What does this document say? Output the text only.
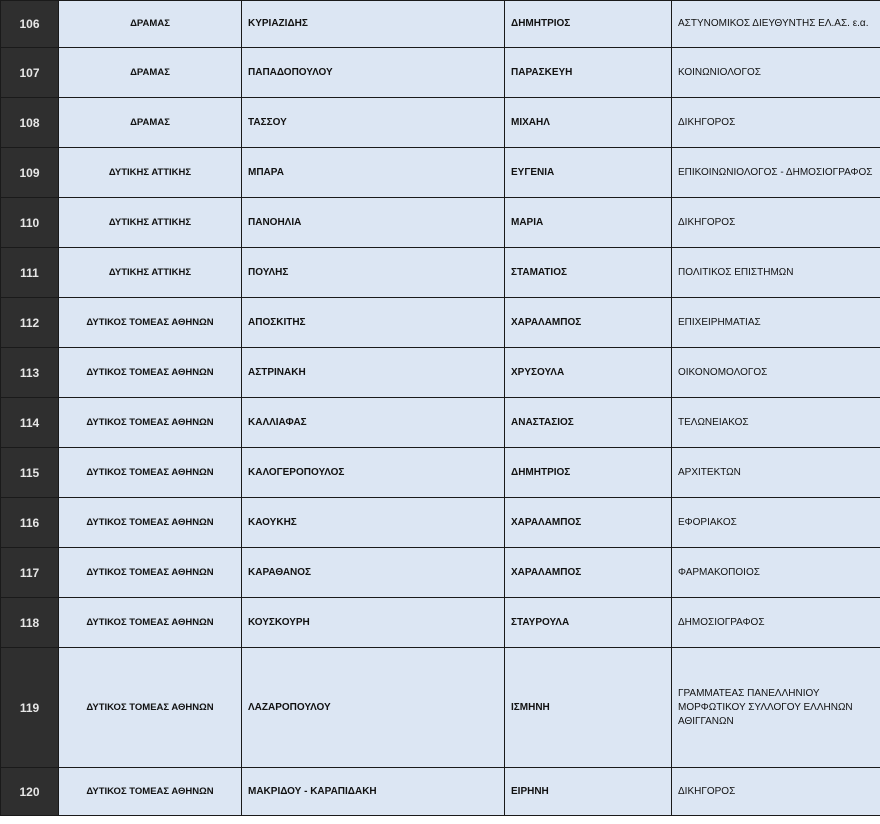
106	ΔΡΑΜΑΣ	ΚΥΡΙΑΖΙΔΗΣ	ΔΗΜΗΤΡΙΟΣ	ΑΣΤΥΝΟΜΙΚΟΣ ΔΙΕΥΘΥΝΤΗΣ ΕΛ.ΑΣ. ε.α.
107	ΔΡΑΜΑΣ	ΠΑΠΑΔΟΠΟΥΛΟΥ	ΠΑΡΑΣΚΕΥΗ	ΚΟΙΝΩΝΙΟΛΟΓΟΣ
108	ΔΡΑΜΑΣ	ΤΑΣΣΟΥ	ΜΙΧΑΗΛ	ΔΙΚΗΓΟΡΟΣ
109	ΔΥΤΙΚΗΣ ΑΤΤΙΚΗΣ	ΜΠΑΡΑ	ΕΥΓΕΝΙΑ	ΕΠΙΚΟΙΝΩΝΙΟΛΟΓΟΣ - ΔΗΜΟΣΙΟΓΡΑΦΟΣ
110	ΔΥΤΙΚΗΣ ΑΤΤΙΚΗΣ	ΠΑΝΟΗΛΙΑ	ΜΑΡΙΑ	ΔΙΚΗΓΟΡΟΣ
111	ΔΥΤΙΚΗΣ ΑΤΤΙΚΗΣ	ΠΟΥΛΗΣ	ΣΤΑΜΑΤΙΟΣ	ΠΟΛΙΤΙΚΟΣ ΕΠΙΣΤΗΜΩΝ
112	ΔΥΤΙΚΟΣ ΤΟΜΕΑΣ ΑΘΗΝΩΝ	ΑΠΟΣΚΙΤΗΣ	ΧΑΡΑΛΑΜΠΟΣ	ΕΠΙΧΕΙΡΗΜΑΤΙΑΣ
113	ΔΥΤΙΚΟΣ ΤΟΜΕΑΣ ΑΘΗΝΩΝ	ΑΣΤΡΙΝΑΚΗ	ΧΡΥΣΟΥΛΑ	ΟΙΚΟΝΟΜΟΛΟΓΟΣ
114	ΔΥΤΙΚΟΣ ΤΟΜΕΑΣ ΑΘΗΝΩΝ	ΚΑΛΛΙΑΦΑΣ	ΑΝΑΣΤΑΣΙΟΣ	ΤΕΛΩΝΕΙΑΚΟΣ
115	ΔΥΤΙΚΟΣ ΤΟΜΕΑΣ ΑΘΗΝΩΝ	ΚΑΛΟΓΕΡΟΠΟΥΛΟΣ	ΔΗΜΗΤΡΙΟΣ	ΑΡΧΙΤΕΚΤΩΝ
116	ΔΥΤΙΚΟΣ ΤΟΜΕΑΣ ΑΘΗΝΩΝ	ΚΑΟΥΚΗΣ	ΧΑΡΑΛΑΜΠΟΣ	ΕΦΟΡΙΑΚΟΣ
117	ΔΥΤΙΚΟΣ ΤΟΜΕΑΣ ΑΘΗΝΩΝ	ΚΑΡΑΘΑΝΟΣ	ΧΑΡΑΛΑΜΠΟΣ	ΦΑΡΜΑΚΟΠΟΙΟΣ
118	ΔΥΤΙΚΟΣ ΤΟΜΕΑΣ ΑΘΗΝΩΝ	ΚΟΥΣΚΟΥΡΗ	ΣΤΑΥΡΟΥΛΑ	ΔΗΜΟΣΙΟΓΡΑΦΟΣ
119	ΔΥΤΙΚΟΣ ΤΟΜΕΑΣ ΑΘΗΝΩΝ	ΛΑΖΑΡΟΠΟΥΛΟΥ	ΙΣΜΗΝΗ	ΓΡΑΜΜΑΤΕΑΣ ΠΑΝΕΛΛΗΝΙΟΥ ΜΟΡΦΩΤΙΚΟΥ ΣΥΛΛΟΓΟΥ ΕΛΛΗΝΩΝ ΑΘΙΓΓΑΝΩΝ
120	ΔΥΤΙΚΟΣ ΤΟΜΕΑΣ ΑΘΗΝΩΝ	ΜΑΚΡΙΔΟΥ - ΚΑΡΑΠΙΔΑΚΗ	ΕΙΡΗΝΗ	ΔΙΚΗΓΟΡΟΣ
